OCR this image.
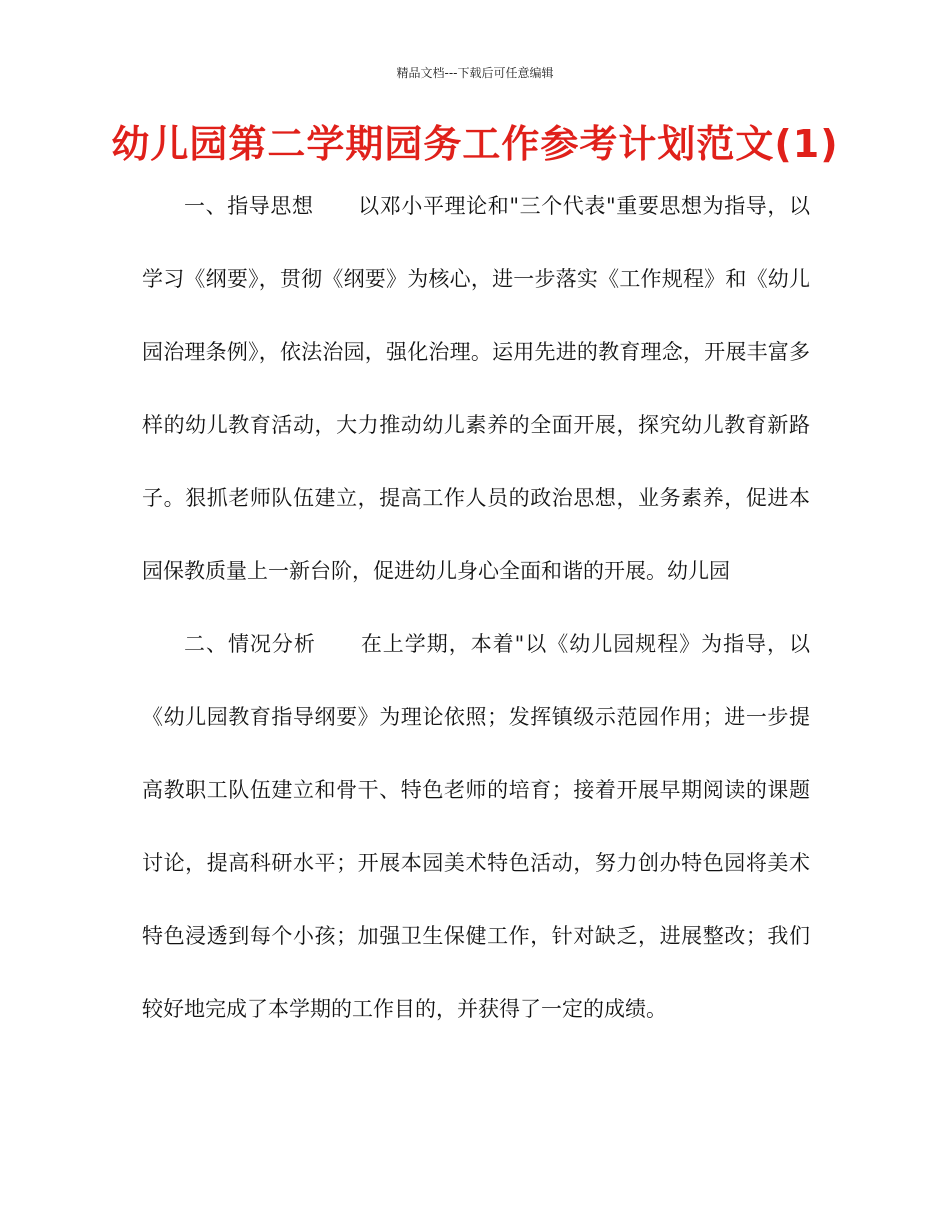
精品文档---下载后可任意编辑
幼儿园第二学期园务工作参考计划范文(1)

一、指导思想 以邓小平理论和"三个代表"重要思想为指导，以学习《纲要》，贯彻《纲要》为核心，进一步落实《工作规程》和《幼儿园治理条例》，依法治园，强化治理。运用先进的教育理念，开展丰富多样的幼儿教育活动，大力推动幼儿素养的全面开展，探究幼儿教育新路子。狠抓老师队伍建立，提高工作人员的政治思想，业务素养，促进本园保教质量上一新台阶，促进幼儿身心全面和谐的开展。幼儿园

二、情况分析 在上学期，本着"以《幼儿园规程》为指导，以《幼儿园教育指导纲要》为理论依照；发挥镇级示范园作用；进一步提高教职工队伍建立和骨干、特色老师的培育；接着开展早期阅读的课题讨论，提高科研水平；开展本园美术特色活动，努力创办特色园将美术特色浸透到每个小孩；加强卫生保健工作，针对缺乏，进展整改；我们较好地完成了本学期的工作目的，并获得了一定的成绩。
